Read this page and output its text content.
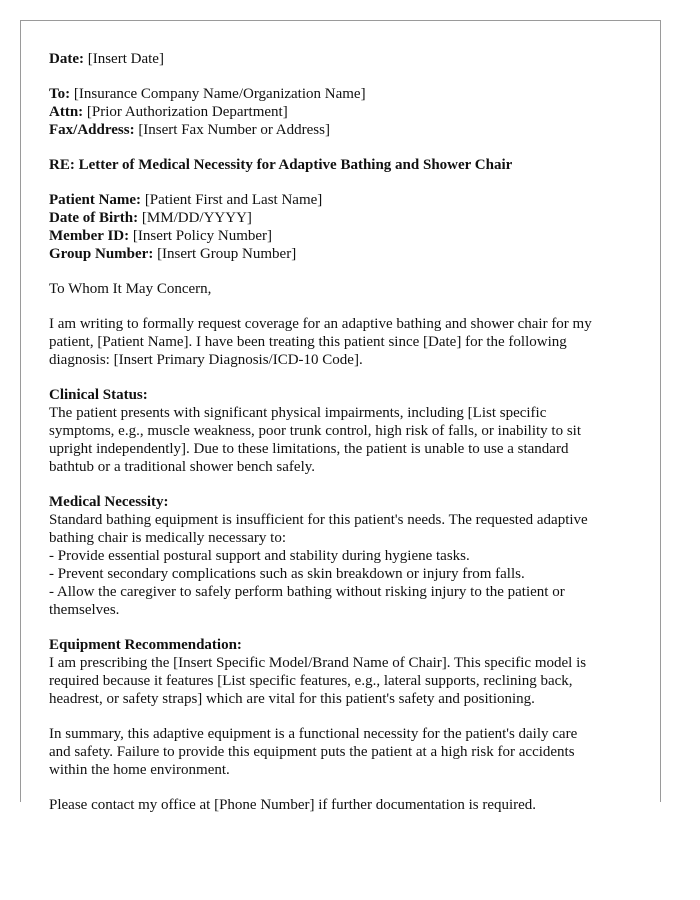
Date: [Insert Date]
To: [Insurance Company Name/Organization Name]
Attn: [Prior Authorization Department]
Fax/Address: [Insert Fax Number or Address]

RE: Letter of Medical Necessity for Adaptive Bathing and Shower Chair

Patient Name: [Patient First and Last Name]
Date of Birth: [MM/DD/YYYY]
Member ID: [Insert Policy Number]
Group Number: [Insert Group Number]

To Whom It May Concern,

I am writing to formally request coverage for an adaptive bathing and shower chair for my
patient, [Patient Name]. I have been treating this patient since [Date] for the following
diagnosis: [Insert Primary Diagnosis/ICD-10 Code].
Clinical Status:
The patient presents with significant physical impairments, including [List specific
symptoms, e.g., muscle weakness, poor trunk control, high risk of falls, or inability to sit
upright independently]. Due to these limitations, the patient is unable to use a standard
bathtub or a traditional shower bench safely.
Medical Necessity:
Standard bathing equipment is insufficient for this patient's needs. The requested adaptive
bathing chair is medically necessary to:
- Provide essential postural support and stability during hygiene tasks.
- Prevent secondary complications such as skin breakdown or injury from falls.
- Allow the caregiver to safely perform bathing without risking injury to the patient or
themselves.
Equipment Recommendation:
I am prescribing the [Insert Specific Model/Brand Name of Chair]. This specific model is
required because it features [List specific features, e.g., lateral supports, reclining back,
headrest, or safety straps] which are vital for this patient's safety and positioning.
In summary, this adaptive equipment is a functional necessity for the patient's daily care
and safety. Failure to provide this equipment puts the patient at a high risk for accidents
within the home environment.

Please contact my office at [Phone Number] if further documentation is required.
